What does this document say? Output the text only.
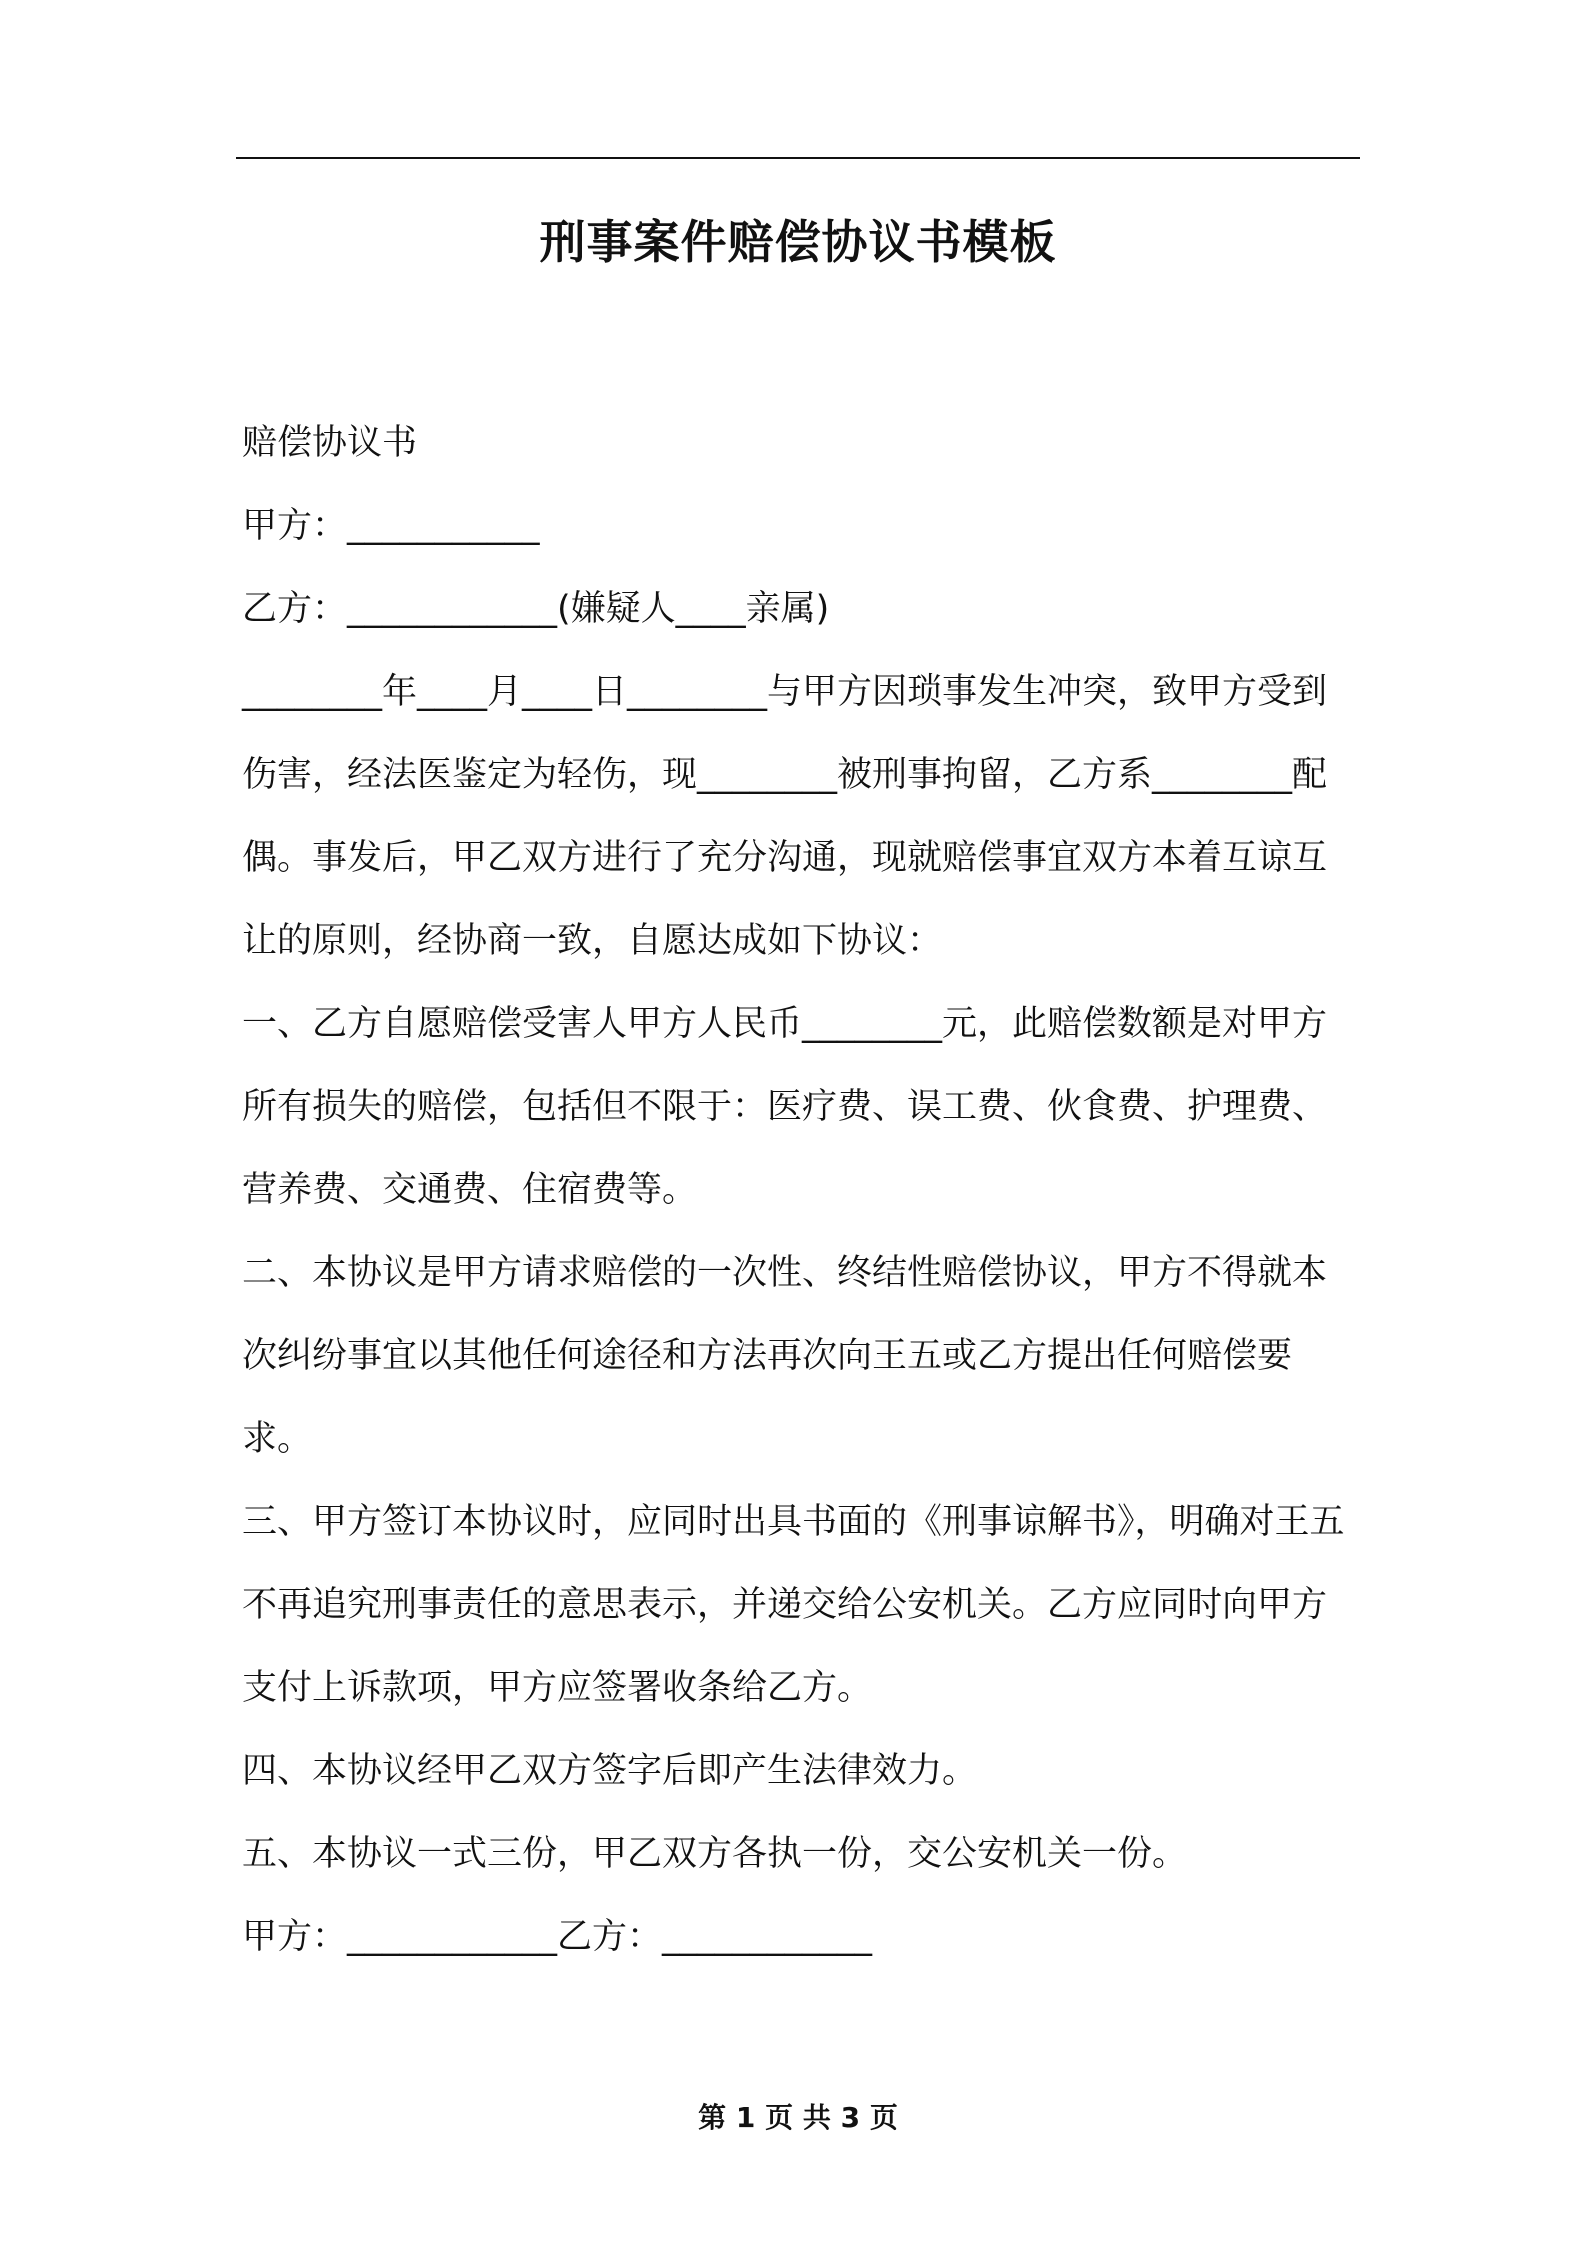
刑事案件赔偿协议书模板

赔偿协议书

甲方：___________

乙方：____________(嫌疑人____亲属)

________年____月____日________与甲方因琐事发生冲突，致甲方受到伤害，经法医鉴定为轻伤，现________被刑事拘留，乙方系________配偶。事发后，甲乙双方进行了充分沟通，现就赔偿事宜双方本着互谅互让的原则，经协商一致，自愿达成如下协议：

一、乙方自愿赔偿受害人甲方人民币________元，此赔偿数额是对甲方所有损失的赔偿，包括但不限于：医疗费、误工费、伙食费、护理费、营养费、交通费、住宿费等。

二、本协议是甲方请求赔偿的一次性、终结性赔偿协议，甲方不得就本次纠纷事宜以其他任何途径和方法再次向王五或乙方提出任何赔偿要求。

三、甲方签订本协议时，应同时出具书面的《刑事谅解书》，明确对王五不再追究刑事责任的意思表示，并递交给公安机关。乙方应同时向甲方支付上诉款项，甲方应签署收条给乙方。

四、本协议经甲乙双方签字后即产生法律效力。

五、本协议一式三份，甲乙双方各执一份，交公安机关一份。

甲方：____________乙方：____________

第 1 页 共 3 页
